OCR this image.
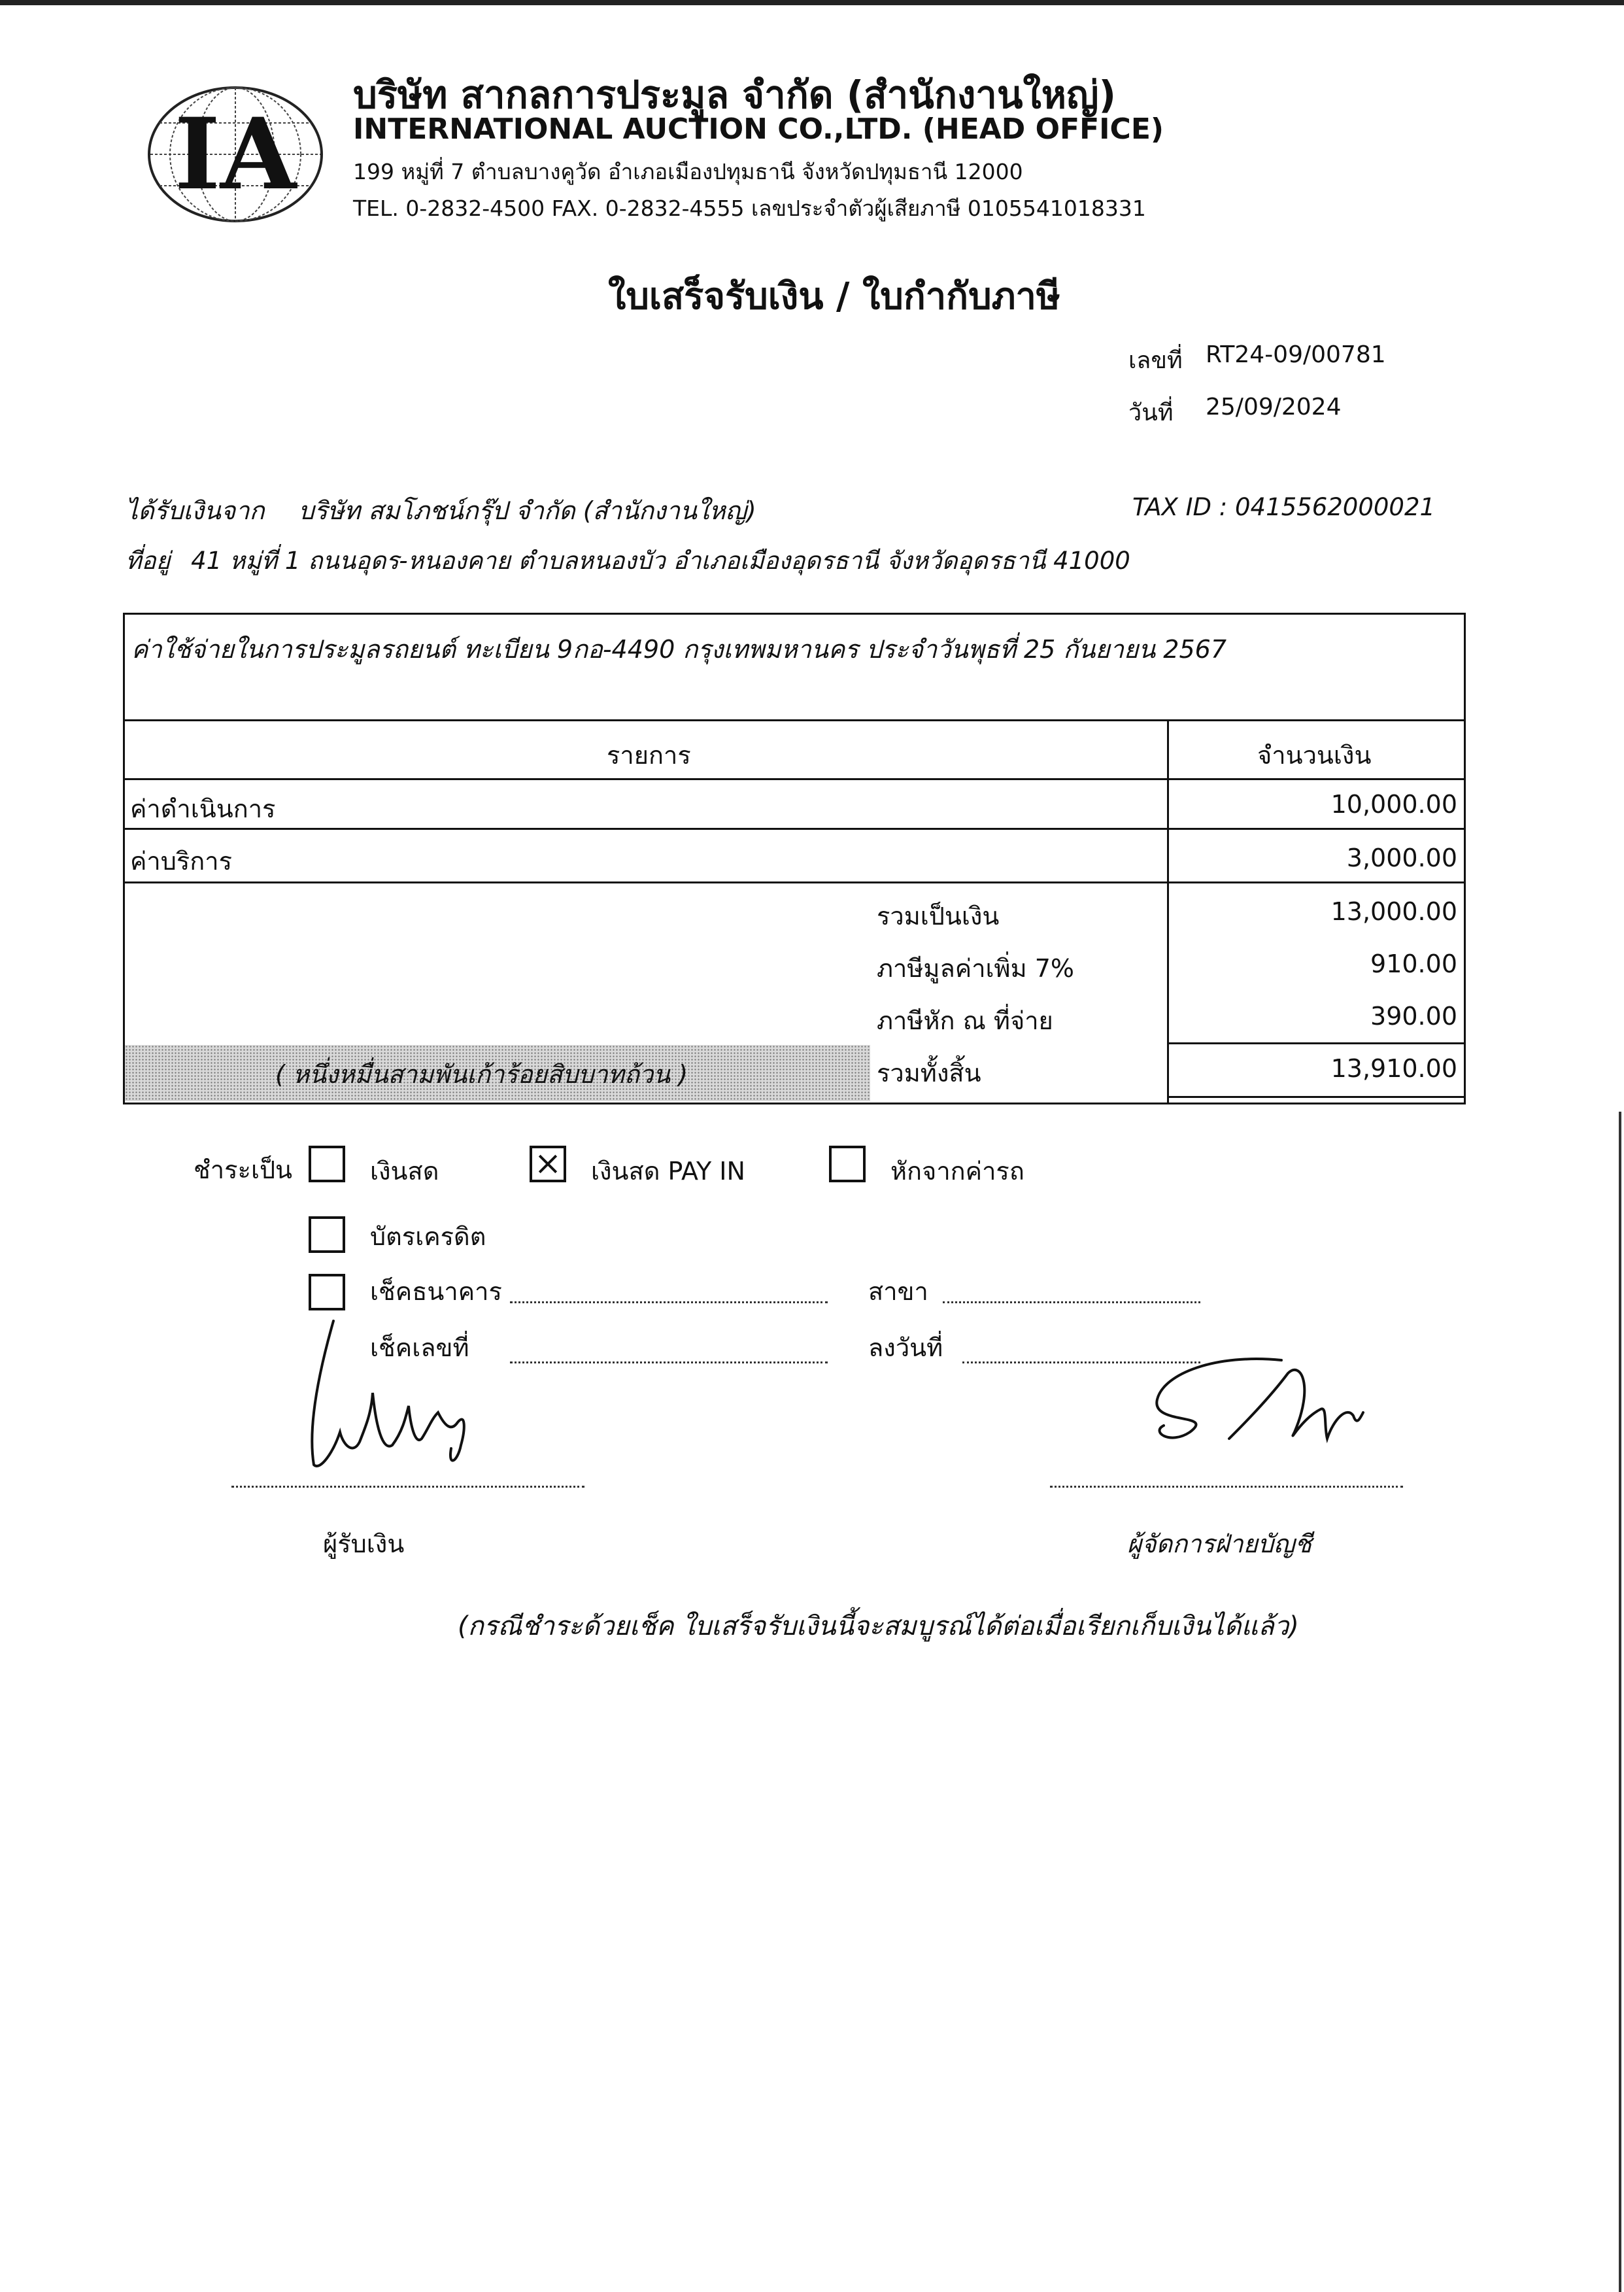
IA
บริษัท สากลการประมูล จำกัด (สำนักงานใหญ่)
INTERNATIONAL AUCTION CO.,LTD. (HEAD OFFICE)
199 หมู่ที่ 7 ตำบลบางคูวัด อำเภอเมืองปทุมธานี จังหวัดปทุมธานี 12000
TEL. 0-2832-4500 FAX. 0-2832-4555 เลขประจำตัวผู้เสียภาษี 0105541018331
ใบเสร็จรับเงิน / ใบกำกับภาษี
เลขที่ RT24-09/00781
วันที่ 25/09/2024
ได้รับเงินจาก บริษัท สมโภชน์กรุ๊ป จำกัด (สำนักงานใหญ่)	TAX ID : 0415562000021
ที่อยู่ 41 หมู่ที่ 1 ถนนอุดร-หนองคาย ตำบลหนองบัว อำเภอเมืองอุดรธานี จังหวัดอุดรธานี 41000
ค่าใช้จ่ายในการประมูลรถยนต์ ทะเบียน 9กอ-4490 กรุงเทพมหานคร ประจำวันพุธที่ 25 กันยายน 2567
รายการ	จำนวนเงิน
ค่าดำเนินการ	10,000.00
ค่าบริการ	3,000.00
รวมเป็นเงิน	13,000.00
ภาษีมูลค่าเพิ่ม 7%	910.00
ภาษีหัก ณ ที่จ่าย	390.00
( หนึ่งหมื่นสามพันเก้าร้อยสิบบาทถ้วน )	รวมทั้งสิ้น	13,910.00
ชำระเป็น	เงินสด	เงินสด PAY IN	หักจากค่ารถ
บัตรเครดิต
เช็คธนาคาร	สาขา
เช็คเลขที่	ลงวันที่
ผู้รับเงิน	ผู้จัดการฝ่ายบัญชี
(กรณีชำระด้วยเช็ค ใบเสร็จรับเงินนี้จะสมบูรณ์ได้ต่อเมื่อเรียกเก็บเงินได้แล้ว)
